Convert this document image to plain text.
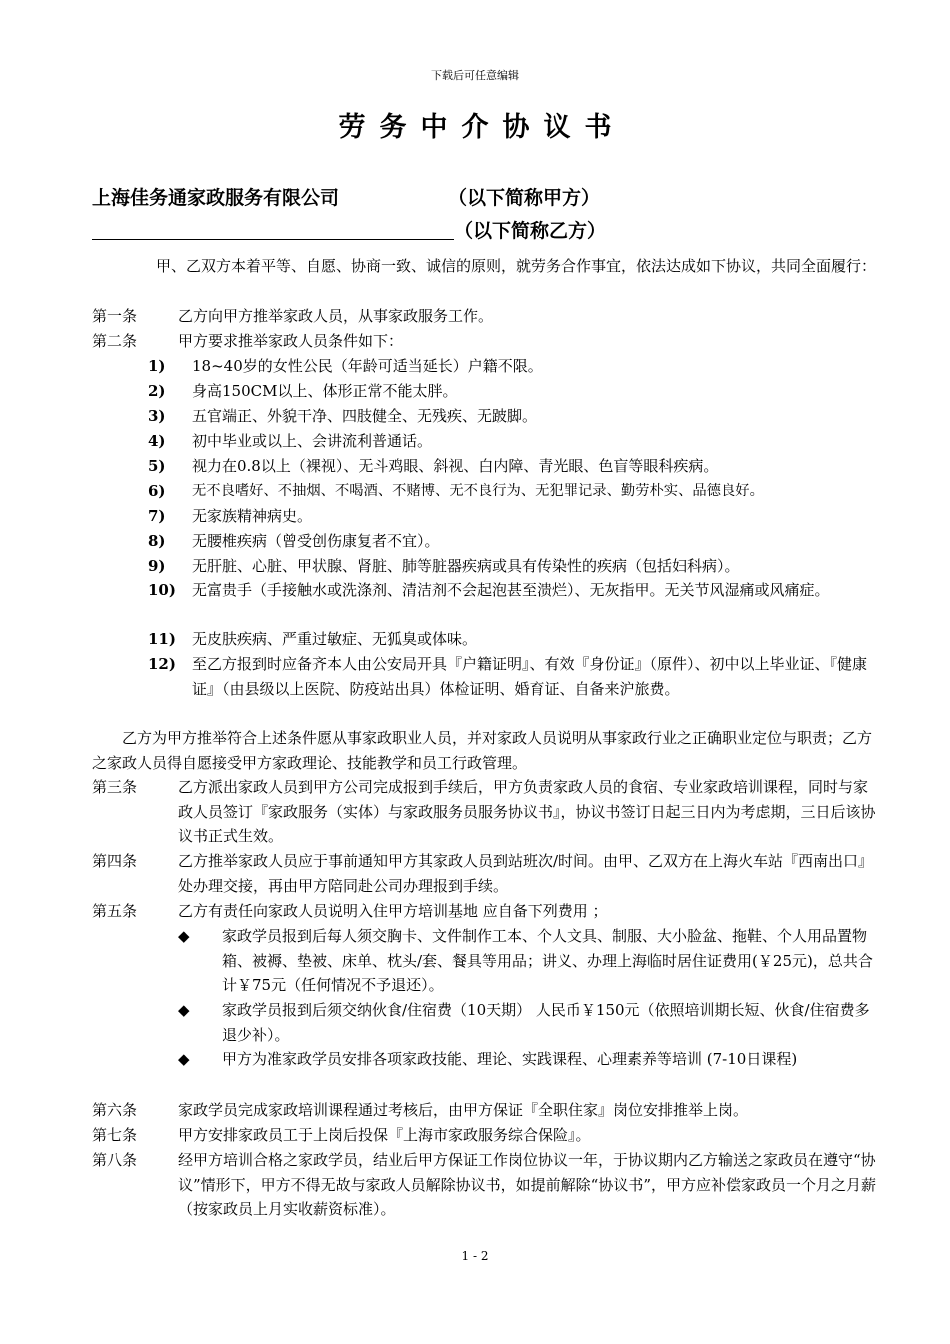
下载后可任意编辑
劳务中介协议书
上海佳务通家政服务有限公司	（以下简称甲方）
（以下简称乙方）
甲、乙双方本着平等、自愿、协商一致、诚信的原则，就劳务合作事宜，依法达成如下协议，共同全面履行：
第一条	乙方向甲方推举家政人员，从事家政服务工作。
第二条	甲方要求推举家政人员条件如下：
1) 18~40岁的女性公民（年龄可适当延长）户籍不限。
2) 身高150CM以上、体形正常不能太胖。
3) 五官端正、外貌干净、四肢健全、无残疾、无跛脚。
4) 初中毕业或以上、会讲流利普通话。
5) 视力在0.8以上（裸视）、无斗鸡眼、斜视、白内障、青光眼、色盲等眼科疾病。
6) 无不良嗜好、不抽烟、不喝酒、不赌博、无不良行为、无犯罪记录、勤劳朴实、品德良好。
7) 无家族精神病史。
8) 无腰椎疾病（曾受创伤康复者不宜）。
9) 无肝脏、心脏、甲状腺、肾脏、肺等脏器疾病或具有传染性的疾病（包括妇科病）。
10) 无富贵手（手接触水或洗涤剂、清洁剂不会起泡甚至溃烂）、无灰指甲。无关节风湿痛或风痛症。
11) 无皮肤疾病、严重过敏症、无狐臭或体味。
12) 至乙方报到时应备齐本人由公安局开具『户籍证明』、有效『身份证』（原件）、初中以上毕业证、『健康证』（由县级以上医院、防疫站出具）体检证明、婚育证、自备来沪旅费。
乙方为甲方推举符合上述条件愿从事家政职业人员，并对家政人员说明从事家政行业之正确职业定位与职责；乙方之家政人员得自愿接受甲方家政理论、技能教学和员工行政管理。
第三条	乙方派出家政人员到甲方公司完成报到手续后，甲方负责家政人员的食宿、专业家政培训课程，同时与家政人员签订『家政服务（实体）与家政服务员服务协议书』，协议书签订日起三日内为考虑期，三日后该协议书正式生效。
第四条	乙方推举家政人员应于事前通知甲方其家政人员到站班次/时间。由甲、乙双方在上海火车站『西南出口』处办理交接，再由甲方陪同赴公司办理报到手续。
第五条	乙方有责任向家政人员说明入住甲方培训基地 应自备下列费用 ；
◆ 家政学员报到后每人须交胸卡、文件制作工本、个人文具、制服、大小脸盆、拖鞋、个人用品置物箱、被褥、垫被、床单、枕头/套、餐具等用品；讲义、办理上海临时居住证费用(￥25元)，总共合计￥75元（任何情况不予退还）。
◆ 家政学员报到后须交纳伙食/住宿费（10天期） 人民币￥150元（依照培训期长短、伙食/住宿费多退少补）。
◆ 甲方为准家政学员安排各项家政技能、理论、实践课程、心理素养等培训 (7-10日课程)
第六条	家政学员完成家政培训课程通过考核后，由甲方保证『全职住家』岗位安排推举上岗。
第七条	甲方安排家政员工于上岗后投保『上海市家政服务综合保险』。
第八条	经甲方培训合格之家政学员，结业后甲方保证工作岗位协议一年，于协议期内乙方输送之家政员在遵守“协议”情形下，甲方不得无故与家政人员解除协议书，如提前解除“协议书”，甲方应补偿家政员一个月之月薪（按家政员上月实收薪资标准）。
1 - 2
